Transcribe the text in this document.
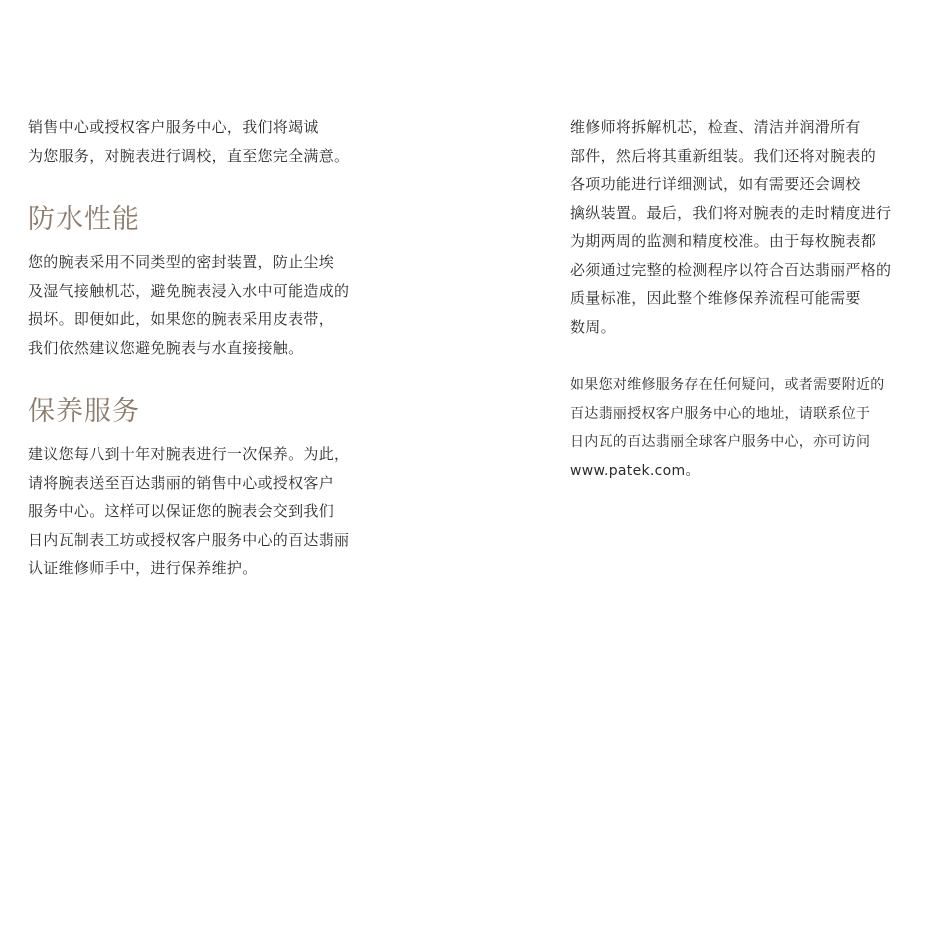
销售中心或授权客户服务中心，我们将竭诚
为您服务，对腕表进行调校，直至您完全满意。

防水性能

您的腕表采用不同类型的密封装置，防止尘埃
及湿气接触机芯，避免腕表浸入水中可能造成的
损坏。即便如此，如果您的腕表采用皮表带，
我们依然建议您避免腕表与水直接接触。

保养服务

建议您每八到十年对腕表进行一次保养。为此，
请将腕表送至百达翡丽的销售中心或授权客户
服务中心。这样可以保证您的腕表会交到我们
日内瓦制表工坊或授权客户服务中心的百达翡丽
认证维修师手中，进行保养维护。

维修师将拆解机芯，检查、清洁并润滑所有
部件，然后将其重新组装。我们还将对腕表的
各项功能进行详细测试，如有需要还会调校
擒纵装置。最后，我们将对腕表的走时精度进行
为期两周的监测和精度校准。由于每枚腕表都
必须通过完整的检测程序以符合百达翡丽严格的
质量标准，因此整个维修保养流程可能需要
数周。

如果您对维修服务存在任何疑问，或者需要附近的
百达翡丽授权客户服务中心的地址，请联系位于
日内瓦的百达翡丽全球客户服务中心，亦可访问
www.patek.com。
